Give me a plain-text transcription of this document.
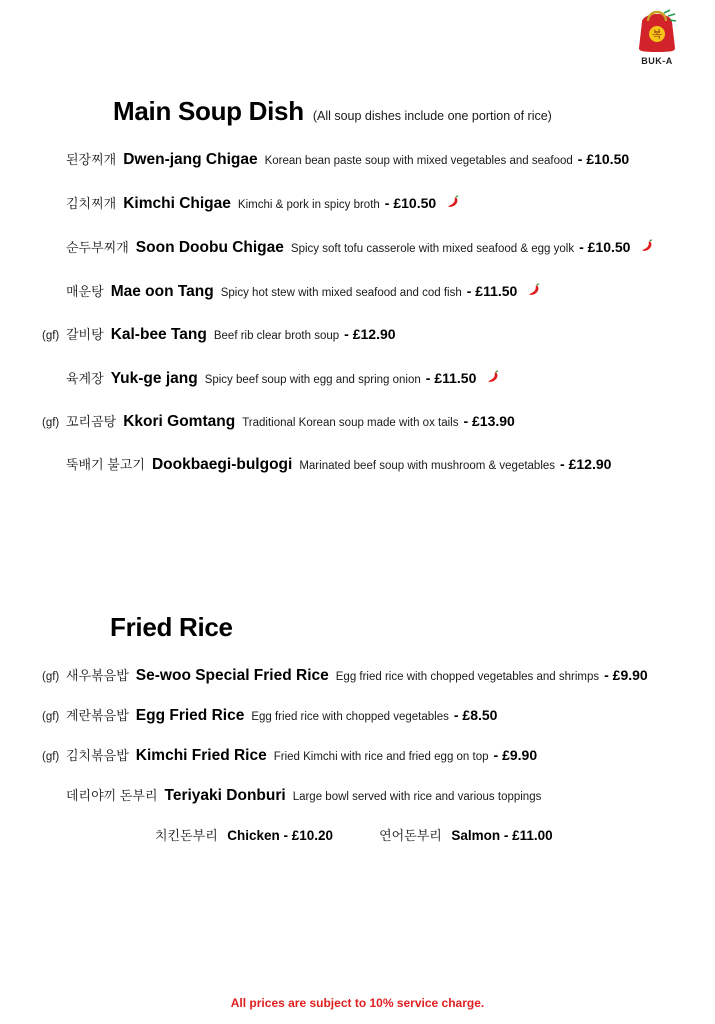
복
BUK-A
Main Soup Dish (All soup dishes include one portion of rice)
된장찌개 Dwen-jang Chigae Korean bean paste soup with mixed vegetables and seafood - £10.50
김치찌개 Kimchi Chigae Kimchi & pork in spicy broth - £10.50
순두부찌개 Soon Doobu Chigae Spicy soft tofu casserole with mixed seafood & egg yolk - £10.50
매운탕 Mae oon Tang Spicy hot stew with mixed seafood and cod fish - £11.50
(gf) 갈비탕 Kal-bee Tang Beef rib clear broth soup - £12.90
육계장 Yuk-ge jang Spicy beef soup with egg and spring onion - £11.50
(gf) 꼬리곰탕 Kkori Gomtang Traditional Korean soup made with ox tails - £13.90
뚝배기 불고기 Dookbaegi-bulgogi Marinated beef soup with mushroom & vegetables - £12.90
Fried Rice
(gf) 새우볶음밥 Se-woo Special Fried Rice Egg fried rice with chopped vegetables and shrimps - £9.90
(gf) 계란볶음밥 Egg Fried Rice Egg fried rice with chopped vegetables - £8.50
(gf) 김치볶음밥 Kimchi Fried Rice Fried Kimchi with rice and fried egg on top - £9.90
데리야끼 돈부리 Teriyaki Donburi Large bowl served with rice and various toppings
치킨돈부리 Chicken - £10.20	연어돈부리 Salmon - £11.00
All prices are subject to 10% service charge.
